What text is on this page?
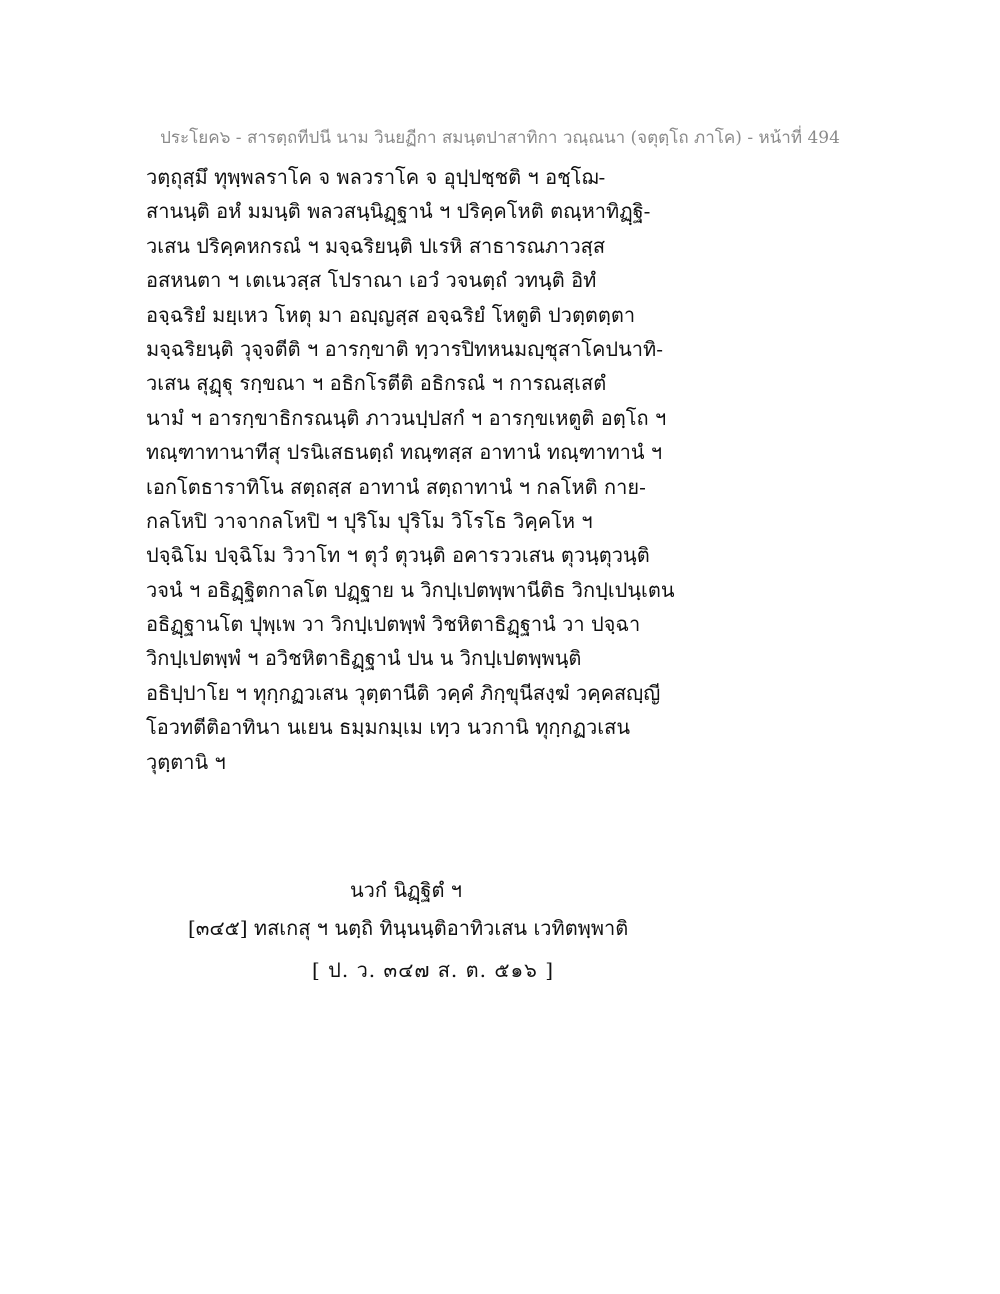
ประโยค๖ - สารตฺถทีปนี นาม วินยฏีกา สมนฺตปาสาทิกา วณฺณนา (จตุตฺโถ ภาโค) - หน้าที่ 494
วตฺถุสฺมึ ทุพฺพลราโค จ พลวราโค จ อุปฺปชฺชติ ฯ อชฺโฌ-
สานนฺติ อหํ มมนฺติ พลวสนฺนิฏฺฐานํ ฯ ปริคฺคโหติ ตณฺหาทิฏฺฐิ-
วเสน ปริคฺคหกรณํ ฯ มจฺฉริยนฺติ ปเรหิ สาธารณภาวสฺส
อสหนตา ฯ เตเนวสฺส โปราณา เอวํ วจนตฺถํ วทนฺติ อิทํ
อจฺฉริยํ มยฺเหว โหตุ มา อญฺญสฺส อจฺฉริยํ โหตูติ ปวตฺตตฺตา
มจฺฉริยนฺติ วุจฺจตีติ ฯ อารกฺขาติ ทฺวารปิทหนมญฺชุสาโคปนาทิ-
วเสน สุฏฺฐุ รกฺขณา ฯ อธิกโรตีติ อธิกรณํ ฯ การณสฺเสตํ
นามํ ฯ อารกฺขาธิกรณนฺติ ภาวนปฺปสกํ ฯ อารกฺขเหตูติ อตฺโถ ฯ
ทณฺฑาทานาทีสุ ปรนิเสธนตฺถํ ทณฺฑสฺส อาทานํ ทณฺฑาทานํ ฯ
เอกโตธาราทิโน สตฺถสฺส อาทานํ สตฺถาทานํ ฯ กลโหติ กาย-
กลโหปิ วาจากลโหปิ ฯ ปุริโม ปุริโม วิโรโธ วิคฺคโห ฯ
ปจฺฉิโม ปจฺฉิโม วิวาโท ฯ ตุวํ ตุวนฺติ อคารววเสน ตุวนฺตุวนฺติ
วจนํ ฯ อธิฏฺฐิตกาลโต ปฏฺฐาย น วิกปฺเปตพฺพานีติธ วิกปฺเปนฺเตน
อธิฏฺฐานโต ปุพฺเพ วา วิกปฺเปตพฺพํ วิชหิตาธิฏฺฐานํ วา ปจฺฉา
วิกปฺเปตพฺพํ ฯ อวิชหิตาธิฏฺฐานํ ปน น วิกปฺเปตพฺพนฺติ
อธิปฺปาโย ฯ ทุกฺกฏวเสน วุตฺตานีติ วคฺคํ ภิกฺขุนีสงฺฆํ วคฺคสญฺญี
โอวทตีติอาทินา นเยน ธมฺมกมฺเม เทฺว นวกานิ ทุกฺกฏวเสน
วุตฺตานิ ฯ
นวกํ นิฏฺฐิตํ ฯ
[๓๔๕] ทสเกสุ ฯ นตฺถิ ทินฺนนฺติอาทิวเสน เวทิตพฺพาติ
[ ป. ว. ๓๔๗ ส. ต. ๕๑๖ ]
